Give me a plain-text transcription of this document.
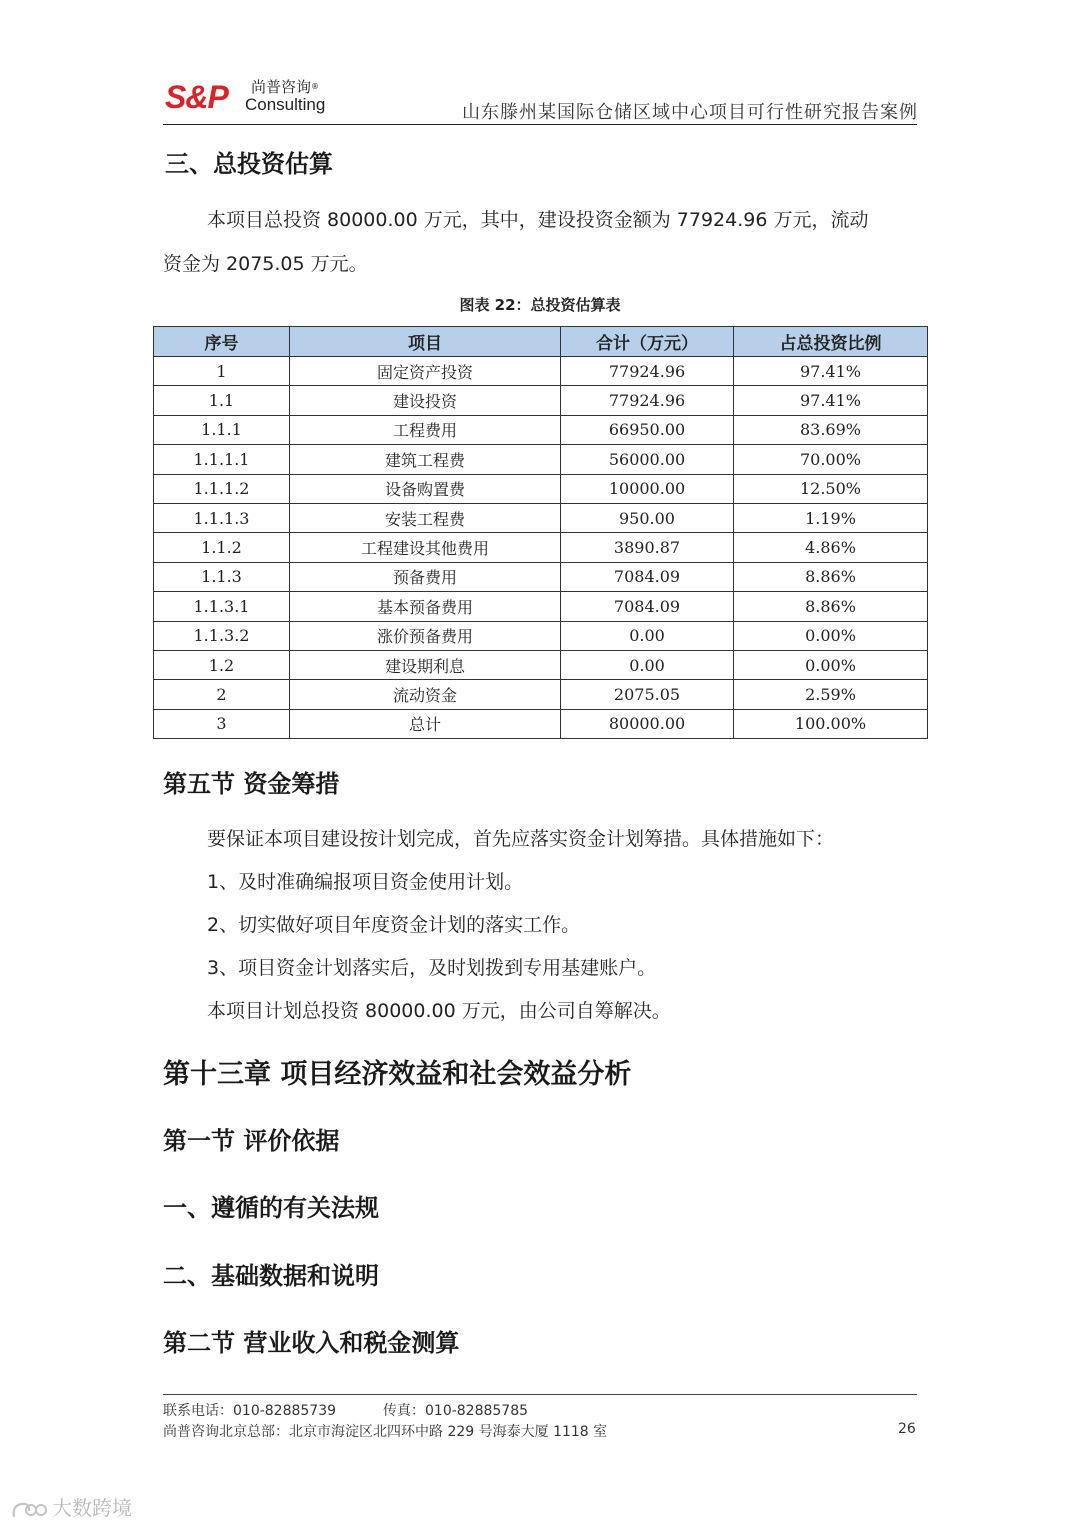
S&P 尚普咨询®
Consulting	山东滕州某国际仓储区域中心项目可行性研究报告案例
三、总投资估算
本项目总投资 80000.00 万元，其中，建设投资金额为 77924.96 万元，流动
资金为 2075.05 万元。
图表 22：总投资估算表
序号	项目	合计（万元）	占总投资比例
1	固定资产投资	77924.96	97.41%
1.1	建设投资	77924.96	97.41%
1.1.1	工程费用	66950.00	83.69%
1.1.1.1	建筑工程费	56000.00	70.00%
1.1.1.2	设备购置费	10000.00	12.50%
1.1.1.3	安装工程费	950.00	1.19%
1.1.2	工程建设其他费用	3890.87	4.86%
1.1.3	预备费用	7084.09	8.86%
1.1.3.1	基本预备费用	7084.09	8.86%
1.1.3.2	涨价预备费用	0.00	0.00%
1.2	建设期利息	0.00	0.00%
2	流动资金	2075.05	2.59%
3	总计	80000.00	100.00%
第五节 资金筹措
要保证本项目建设按计划完成，首先应落实资金计划筹措。具体措施如下：
1、及时准确编报项目资金使用计划。
2、切实做好项目年度资金计划的落实工作。
3、项目资金计划落实后，及时划拨到专用基建账户。
本项目计划总投资 80000.00 万元，由公司自筹解决。
第十三章 项目经济效益和社会效益分析
第一节 评价依据
一、遵循的有关法规
二、基础数据和说明
第二节 营业收入和税金测算
联系电话：010-82885739	传真：010-82885785
尚普咨询北京总部：北京市海淀区北四环中路 229 号海泰大厦 1118 室	26
大数跨境
